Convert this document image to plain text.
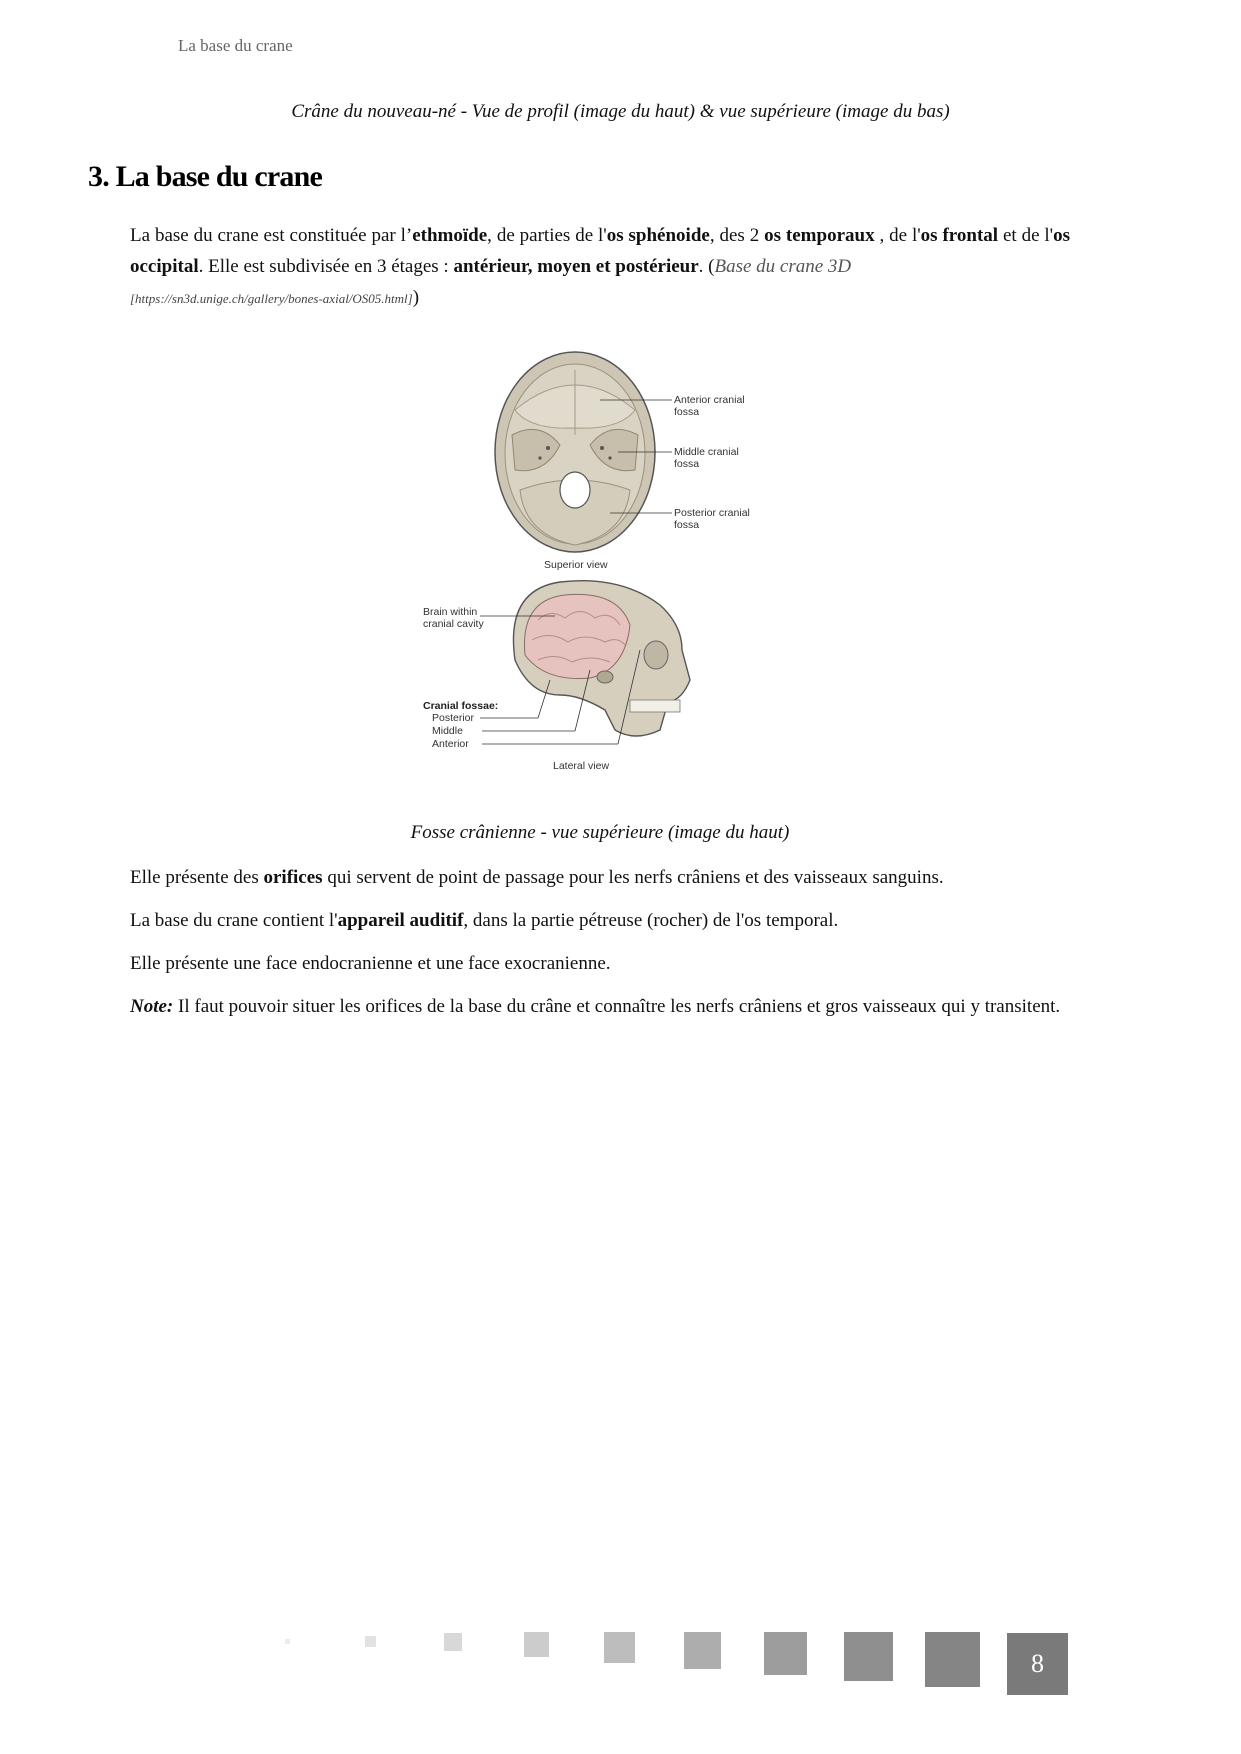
La base du crane
Crâne du nouveau-né - Vue de profil (image du haut) & vue supérieure (image du bas)
3. La base du crane

La base du crane est constituée par l’ethmoïde, de parties de l'os sphénoide, des 2 os temporaux , de l'os frontal et de l'os occipital. Elle est subdivisée en 3 étages : antérieur, moyen et postérieur. (Base du crane 3D
[https://sn3d.unige.ch/gallery/bones-axial/OS05.html])

Anterior cranial
fossa
Middle cranial
fossa
Posterior cranial
fossa
Superior view
Brain within
cranial cavity
Cranial fossae:
Posterior
Middle
Anterior
Lateral view
Fosse crânienne - vue supérieure (image du haut)

Elle présente des orifices qui servent de point de passage pour les nerfs crâniens et des vaisseaux sanguins.

La base du crane contient l'appareil auditif, dans la partie pétreuse (rocher) de l'os temporal.

Elle présente une face endocranienne et une face exocranienne.

Note: Il faut pouvoir situer les orifices de la base du crâne et connaître les nerfs crâniens et gros vaisseaux qui y transitent.

8
